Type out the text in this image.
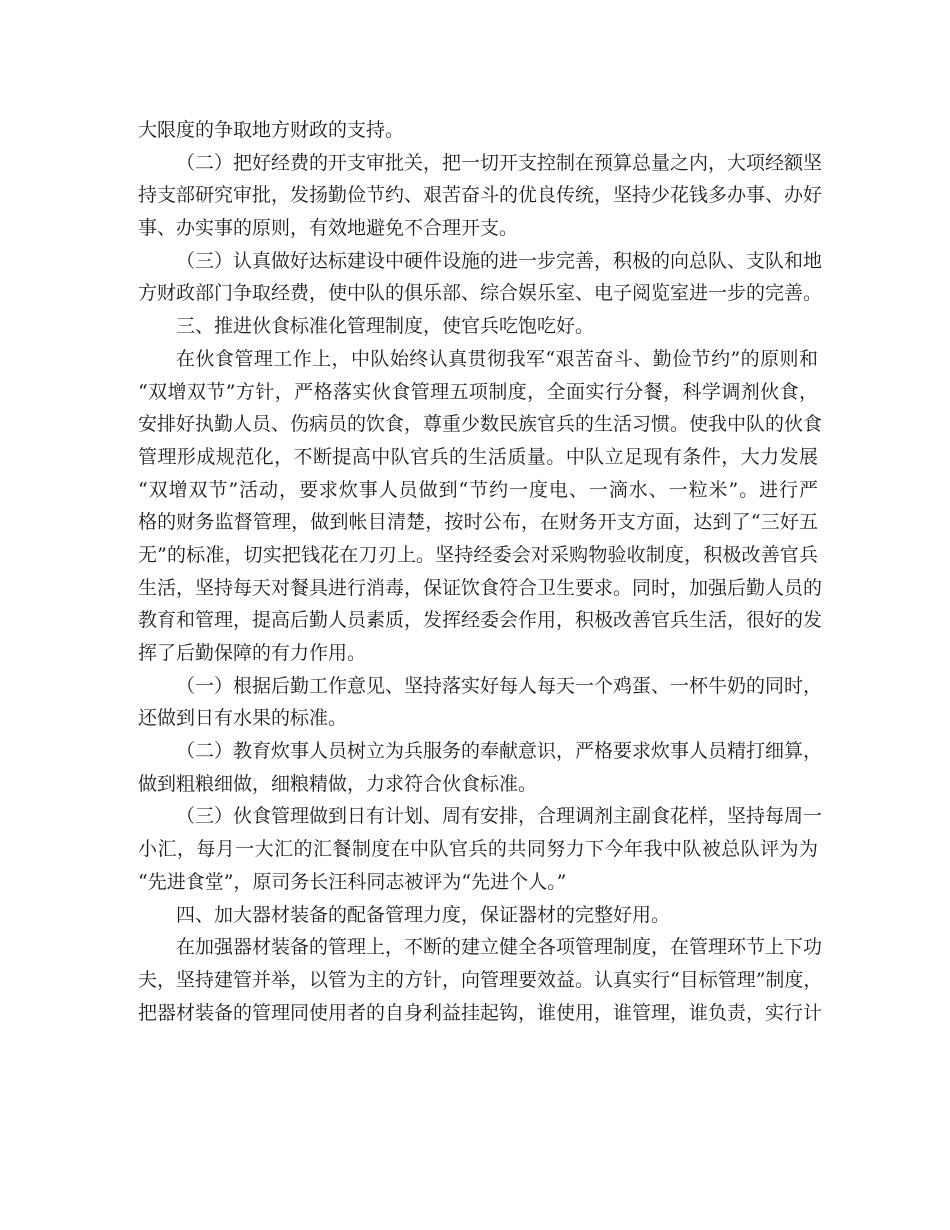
大限度的争取地方财政的支持。
（二）把好经费的开支审批关，把一切开支控制在预算总量之内，大项经额坚
持支部研究审批，发扬勤俭节约、艰苦奋斗的优良传统，坚持少花钱多办事、办好
事、办实事的原则，有效地避免不合理开支。
（三）认真做好达标建设中硬件设施的进一步完善，积极的向总队、支队和地
方财政部门争取经费，使中队的俱乐部、综合娱乐室、电子阅览室进一步的完善。
三、推进伙食标准化管理制度，使官兵吃饱吃好。
在伙食管理工作上，中队始终认真贯彻我军“艰苦奋斗、勤俭节约”的原则和
“双增双节”方针，严格落实伙食管理五项制度，全面实行分餐，科学调剂伙食，
安排好执勤人员、伤病员的饮食，尊重少数民族官兵的生活习惯。使我中队的伙食
管理形成规范化，不断提高中队官兵的生活质量。中队立足现有条件，大力发展
“双增双节”活动，要求炊事人员做到“节约一度电、一滴水、一粒米”。进行严
格的财务监督管理，做到帐目清楚，按时公布，在财务开支方面，达到了“三好五
无”的标准，切实把钱花在刀刃上。坚持经委会对采购物验收制度，积极改善官兵
生活，坚持每天对餐具进行消毒，保证饮食符合卫生要求。同时，加强后勤人员的
教育和管理，提高后勤人员素质，发挥经委会作用，积极改善官兵生活，很好的发
挥了后勤保障的有力作用。
（一）根据后勤工作意见、坚持落实好每人每天一个鸡蛋、一杯牛奶的同时，
还做到日有水果的标准。
（二）教育炊事人员树立为兵服务的奉献意识，严格要求炊事人员精打细算，
做到粗粮细做，细粮精做，力求符合伙食标准。
（三）伙食管理做到日有计划、周有安排，合理调剂主副食花样，坚持每周一
小汇，每月一大汇的汇餐制度在中队官兵的共同努力下今年我中队被总队评为为
“先进食堂”，原司务长汪科同志被评为“先进个人。”
四、加大器材装备的配备管理力度，保证器材的完整好用。
在加强器材装备的管理上，不断的建立健全各项管理制度，在管理环节上下功
夫，坚持建管并举，以管为主的方针，向管理要效益。认真实行“目标管理”制度，
把器材装备的管理同使用者的自身利益挂起钩，谁使用，谁管理，谁负责，实行计
